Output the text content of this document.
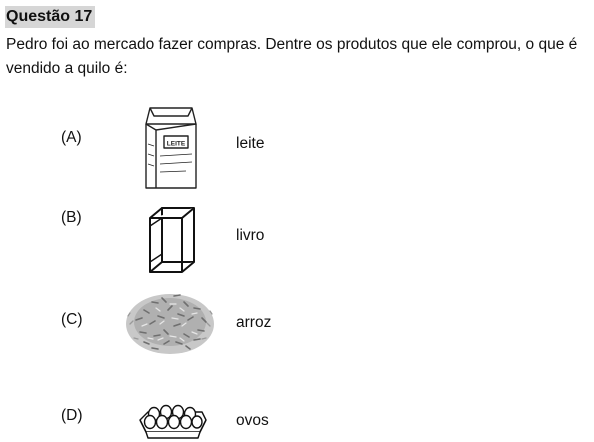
Questão 17
Pedro foi ao mercado fazer compras. Dentre os produtos que ele comprou, o que é vendido a quilo é:
(A)	LEITE	leite
(B)
livro
(C)	arroz
(D)	ovos
